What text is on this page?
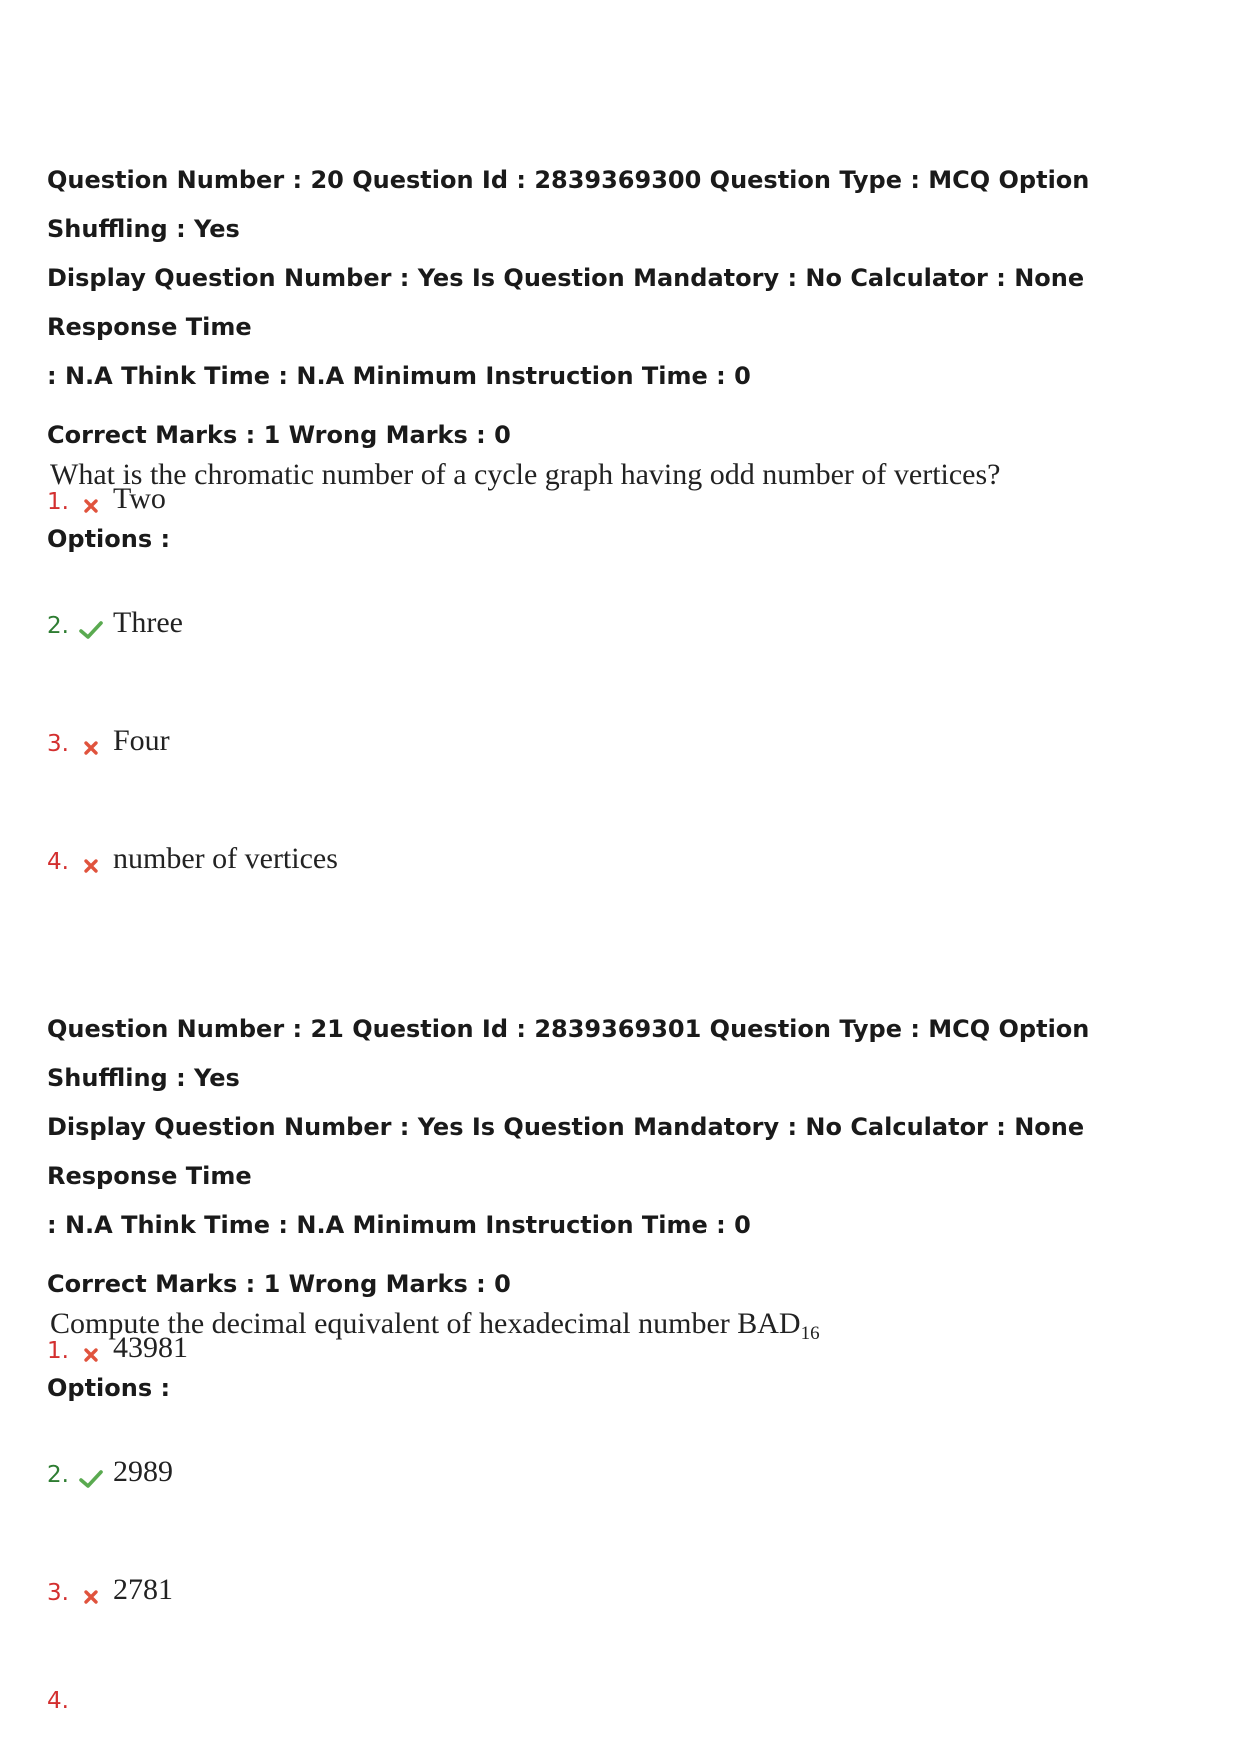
Question Number : 20 Question Id : 2839369300 Question Type : MCQ Option Shuffling : Yes
Display Question Number : Yes Is Question Mandatory : No Calculator : None Response Time
: N.A Think Time : N.A Minimum Instruction Time : 0
Correct Marks : 1 Wrong Marks : 0
What is the chromatic number of a cycle graph having odd number of vertices?
Options :
1. Two
2. Three
3. Four
4. number of vertices
Question Number : 21 Question Id : 2839369301 Question Type : MCQ Option Shuffling : Yes
Display Question Number : Yes Is Question Mandatory : No Calculator : None Response Time
: N.A Think Time : N.A Minimum Instruction Time : 0
Correct Marks : 1 Wrong Marks : 0
Compute the decimal equivalent of hexadecimal number $BAD_{16}$
Options :
1. 43981
2. 2989
3. 2781
4.
